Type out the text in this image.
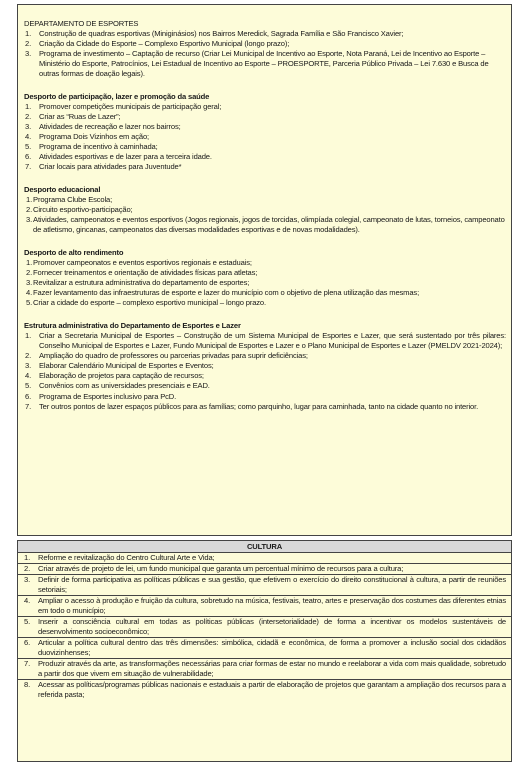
DEPARTAMENTO DE ESPORTES
1.	Construção de quadras esportivas (Miniginásios) nos Bairros Meredick, Sagrada Família e São Francisco Xavier;
2.	Criação da Cidade do Esporte – Complexo Esportivo Municipal (longo prazo);
3.	Programa de investimento – Captação de recurso (Criar Lei Municipal de Incentivo ao Esporte, Nota Paraná, Lei de Incentivo ao Esporte – Ministério do Esporte, Patrocínios, Lei Estadual de Incentivo ao Esporte – PROESPORTE, Parceria Público Privada – Lei 7.630 e Busca de outras formas de doação legais).

Desporto de participação, lazer e promoção da saúde

1.	Promover competições municipais de participação geral;
2.	Criar as “Ruas de Lazer”;
3.	Atividades de recreação e lazer nos bairros;
4.	Programa Dois Vizinhos em ação;
5.	Programa de incentivo à caminhada;
6.	Atividades esportivas e de lazer para a terceira idade.
7.	Criar locais para atividades para Juventude*

Desporto educacional

1. Programa Clube Escola;
2. Circuito esportivo-participação;
3. Atividades, campeonatos e eventos esportivos (Jogos regionais, jogos de torcidas, olimpíada colegial, campeonato de lutas, torneios, campeonato de atletismo, gincanas, campeonatos das diversas modalidades esportivas e de novas modalidades).

Desporto de alto rendimento

1. Promover campeonatos e eventos esportivos regionais e estaduais;
2. Fornecer treinamentos e orientação de atividades físicas para atletas;
3. Revitalizar a estrutura administrativa do departamento de esportes;
4. Fazer levantamento das infraestruturas de esporte e lazer do município com o objetivo de plena utilização das mesmas;
5. Criar a cidade do esporte – complexo esportivo municipal – longo prazo.

Estrutura administrativa do Departamento de Esportes e Lazer

1.	Criar a Secretaria Municipal de Esportes – Construção de um Sistema Municipal de Esportes e Lazer, que será sustentado por três pilares: Conselho Municipal de Esportes e Lazer, Fundo Municipal de Esportes e Lazer e o Plano Municipal de Esportes e Lazer (PMELDV 2021-2024);
2.	Ampliação do quadro de professores ou parcerias privadas para suprir deficiências;
3.	Elaborar Calendário Municipal de Esportes e Eventos;
4.	Elaboração de projetos para captação de recursos;
5.	Convênios com as universidades presenciais e EAD.
6.	Programa de Esportes inclusivo para PcD.
7.	Ter outros pontos de lazer espaços públicos para as famílias; como parquinho, lugar para caminhada, tanto na cidade quanto no interior.
CULTURA
1.	Reforme e revitalização do Centro Cultural Arte e Vida;
2.	Criar através de projeto de lei, um fundo municipal que garanta um percentual mínimo de recursos para a cultura;
3.	Definir de forma participativa as políticas públicas e sua gestão, que efetivem o exercício do direito constitucional à cultura, a partir de reuniões setoriais;
4.	Ampliar o acesso à produção e fruição da cultura, sobretudo na música, festivais, teatro, artes e preservação dos costumes das diferentes etnias em todo o município;
5.	Inserir a consciência cultural em todas as políticas públicas (intersetorialidade) de forma a incentivar os modelos sustentáveis de desenvolvimento socioeconômico;
6.	Articular a política cultural dentro das três dimensões: simbólica, cidadã e econômica, de forma a promover a inclusão social dos cidadãos duovizinhenses;
7.	Produzir através da arte, as transformações necessárias para criar formas de estar no mundo e reelaborar a vida com mais qualidade, sobretudo a partir dos que vivem em situação de vulnerabilidade;
8.	Acessar as políticas/programas públicas nacionais e estaduais a partir de elaboração de projetos que garantam a ampliação dos recursos para a referida pasta;
